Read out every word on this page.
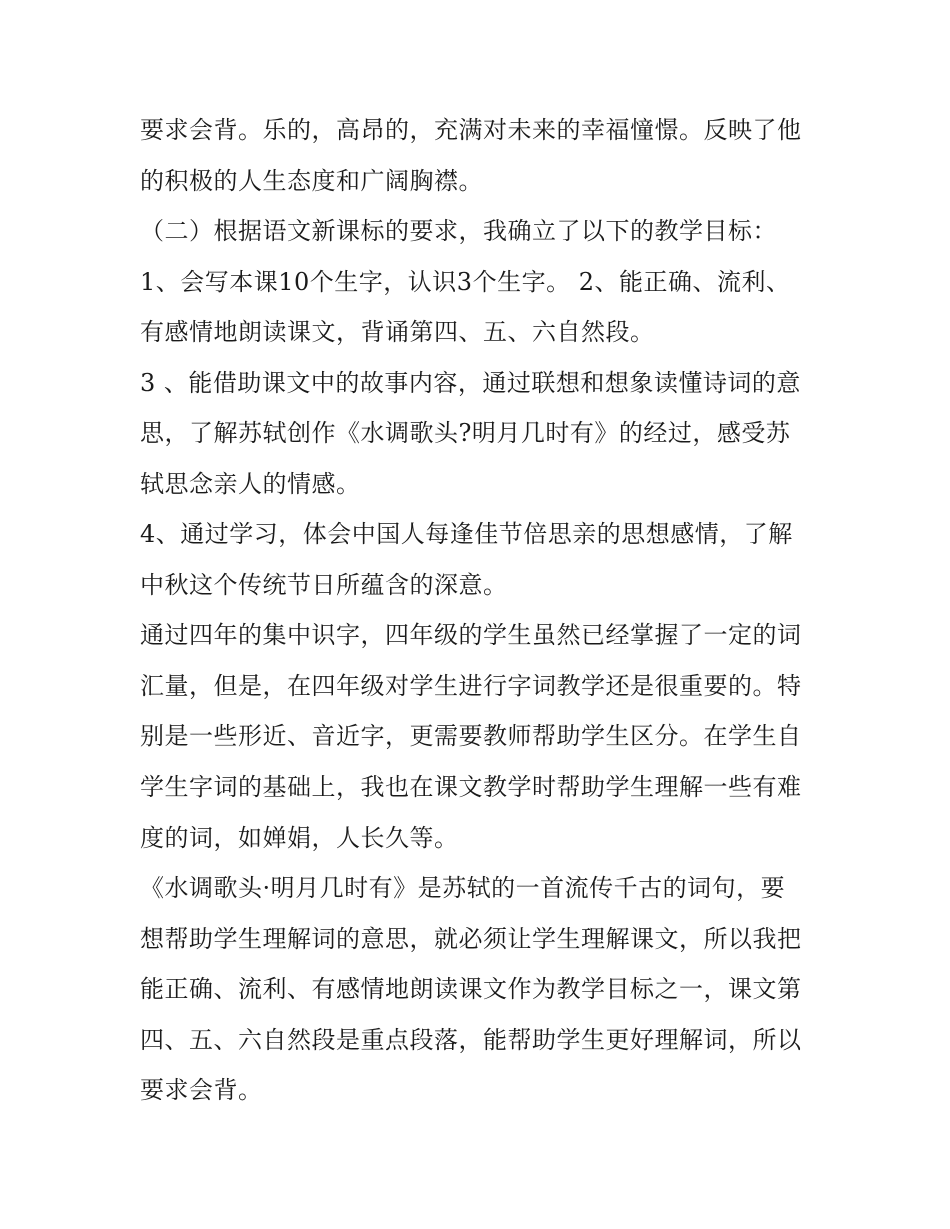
要求会背。乐的，高昂的，充满对未来的幸福憧憬。反映了他
的积极的人生态度和广阔胸襟。
（二）根据语文新课标的要求，我确立了以下的教学目标：
1、会写本课10个生字，认识3个生字。 2、能正确、流利、
有感情地朗读课文，背诵第四、五、六自然段。
3 、能借助课文中的故事内容，通过联想和想象读懂诗词的意
思，了解苏轼创作《水调歌头?明月几时有》的经过，感受苏
轼思念亲人的情感。
4、通过学习，体会中国人每逢佳节倍思亲的思想感情，了解
中秋这个传统节日所蕴含的深意。
通过四年的集中识字，四年级的学生虽然已经掌握了一定的词
汇量，但是，在四年级对学生进行字词教学还是很重要的。特
别是一些形近、音近字，更需要教师帮助学生区分。在学生自
学生字词的基础上，我也在课文教学时帮助学生理解一些有难
度的词，如婵娟，人长久等。
《水调歌头·明月几时有》是苏轼的一首流传千古的词句，要
想帮助学生理解词的意思，就必须让学生理解课文，所以我把
能正确、流利、有感情地朗读课文作为教学目标之一，课文第
四、五、六自然段是重点段落，能帮助学生更好理解词，所以
要求会背。
